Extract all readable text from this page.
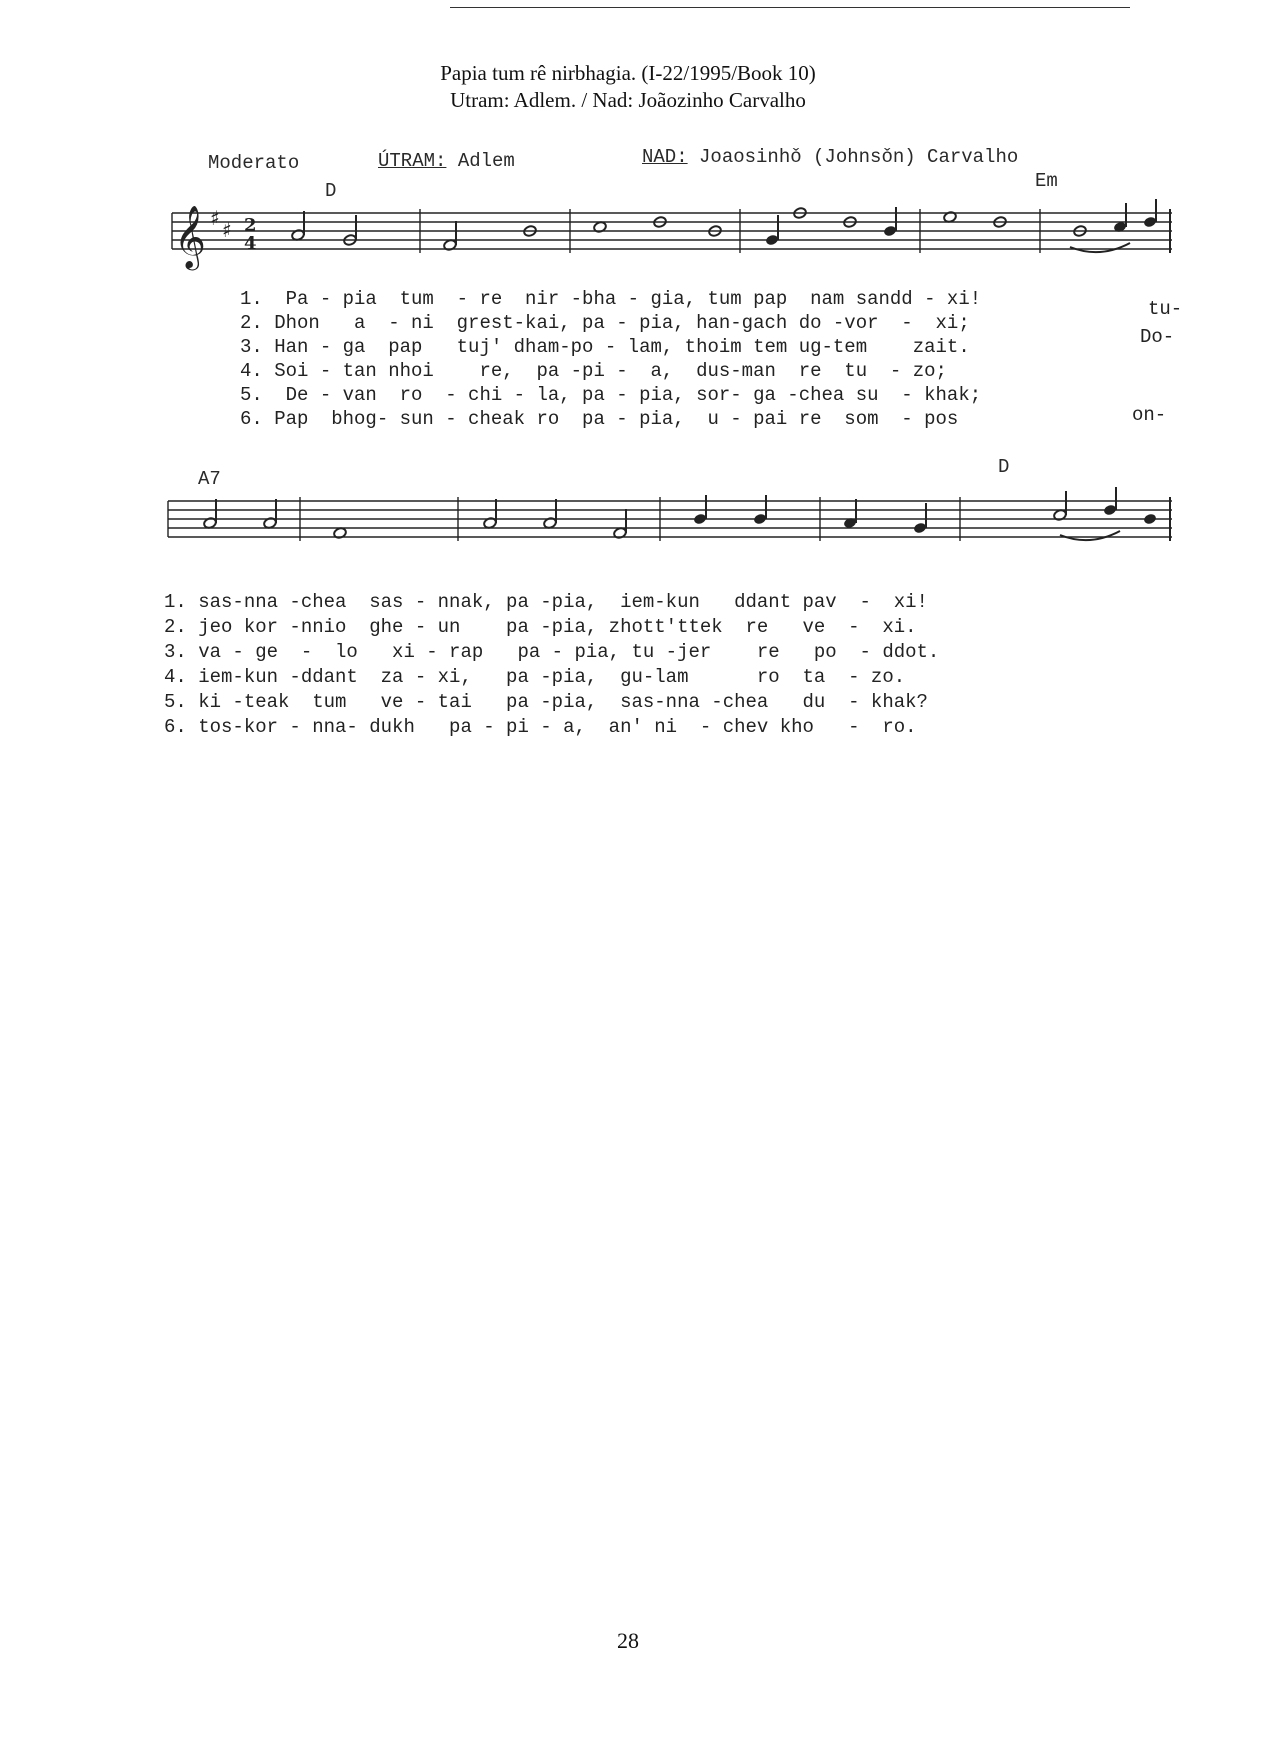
Papia tum rê nirbhagia. (I-22/1995/Book 10)
Utram: Adlem. / Nad: Joãozinho Carvalho
Moderato	ÚTRAM: Adlem	NAD: Joaosinhǒ (Johnsǒn) Carvalho
D	Em
𝄞 ♯ ♯ 2
4
1.  Pa - pia  tum  - re  nir -bha - gia, tum pap  nam sandd - xi!
2. Dhon   a  - ni  grest-kai, pa - pia, han-gach do -vor  -  xi;
3. Han - ga  pap   tuj' dham-po - lam, thoim tem ug-tem    zait.
4. Soi - tan nhoi    re,  pa -pi -  a,  dus-man  re  tu  - zo;
5.  De - van  ro  - chi - la, pa - pia, sor- ga -chea su  - khak;
6. Pap  bhog- sun - cheak ro  pa - pia,  u - pai re  som  - pos
tu-
Do-
on-
A7
D
1. sas-nna -chea  sas - nnak, pa -pia,  iem-kun   ddant pav  -  xi!
2. jeo kor -nnio  ghe - un    pa -pia, zhott'ttek  re   ve  -  xi.
3. va - ge  -  lo   xi - rap   pa - pia, tu -jer    re   po  - ddot.
4. iem-kun -ddant  za - xi,   pa -pia,  gu-lam      ro  ta  - zo.
5. ki -teak  tum   ve - tai   pa -pia,  sas-nna -chea   du  - khak?
6. tos-kor - nna- dukh   pa - pi - a,  an' ni  - chev kho   -  ro.
28
